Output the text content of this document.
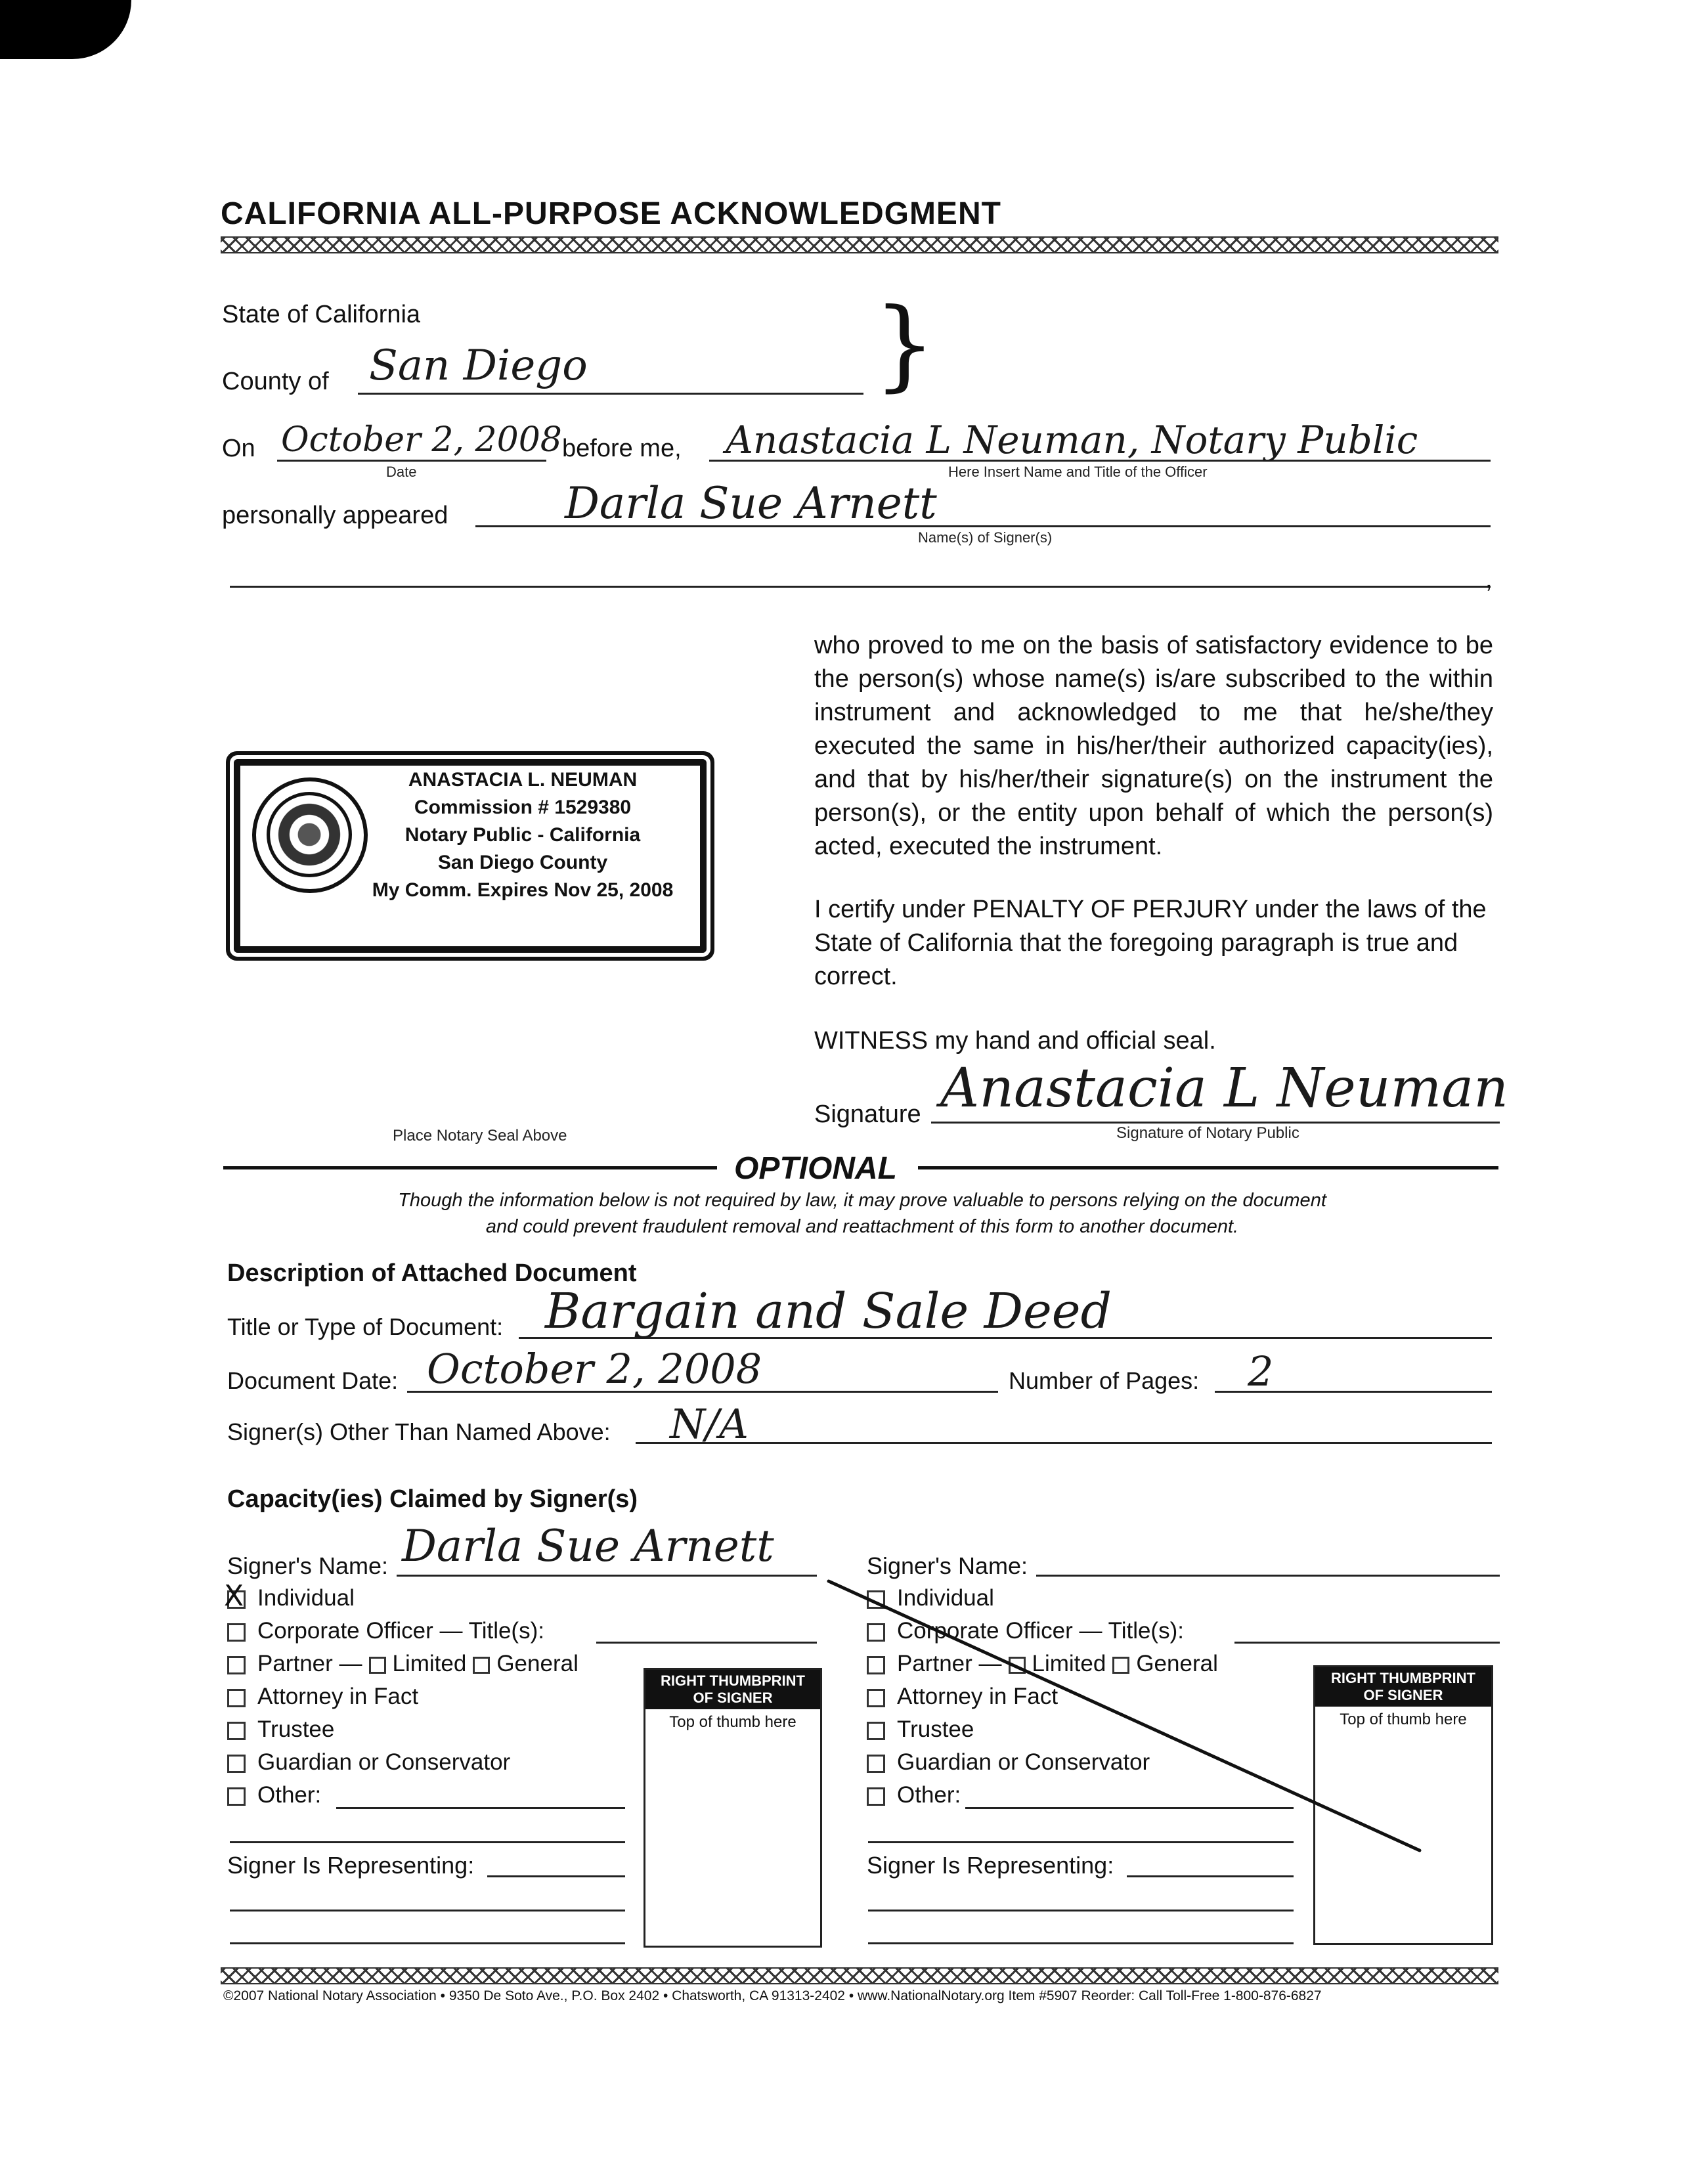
CALIFORNIA ALL-PURPOSE ACKNOWLEDGMENT
State of California	}
County of San Diego
On October 2, 2008
Date
before me, Anastacia L Neuman, Notary Public
Here Insert Name and Title of the Officer
personally appeared	Darla Sue Arnett
Name(s) of Signer(s)
,
ANASTACIA L. NEUMAN
Commission # 1529380
Notary Public - California
San Diego County
My Comm. Expires Nov 25, 2008
Place Notary Seal Above
who proved to me on the basis of satisfactory evidence to be the person(s) whose name(s) is/are subscribed to the within instrument and acknowledged to me that he/she/they executed the same in his/her/their authorized capacity(ies), and that by his/her/their signature(s) on the instrument the person(s), or the entity upon behalf of which the person(s) acted, executed the instrument.
I certify under PENALTY OF PERJURY under the laws of the State of California that the foregoing paragraph is true and correct.
WITNESS my hand and official seal.
Signature Anastacia L Neuman
Signature of Notary Public
OPTIONAL
Though the information below is not required by law, it may prove valuable to persons relying on the document
and could prevent fraudulent removal and reattachment of this form to another document.
Description of Attached Document
Title or Type of Document: Bargain and Sale Deed
Document Date: October 2, 2008	Number of Pages: 2
Signer(s) Other Than Named Above: N/A
Capacity(ies) Claimed by Signer(s)
Signer's Name: Darla Sue Arnett
X Individual
Corporate Officer — Title(s):
Partner — Limited General
Attorney in Fact
Trustee
Guardian or Conservator
Other:
Signer Is Representing:
RIGHT THUMBPRINT
OF SIGNER
Top of thumb here
Signer's Name:
Individual
Corporate Officer — Title(s):
Partner — Limited General
Attorney in Fact
Trustee
Guardian or Conservator
Other:
Signer Is Representing:
RIGHT THUMBPRINT
OF SIGNER
Top of thumb here
©2007 National Notary Association • 9350 De Soto Ave., P.O. Box 2402 • Chatsworth, CA 91313-2402 • www.NationalNotary.org Item #5907 Reorder: Call Toll-Free 1-800-876-6827
